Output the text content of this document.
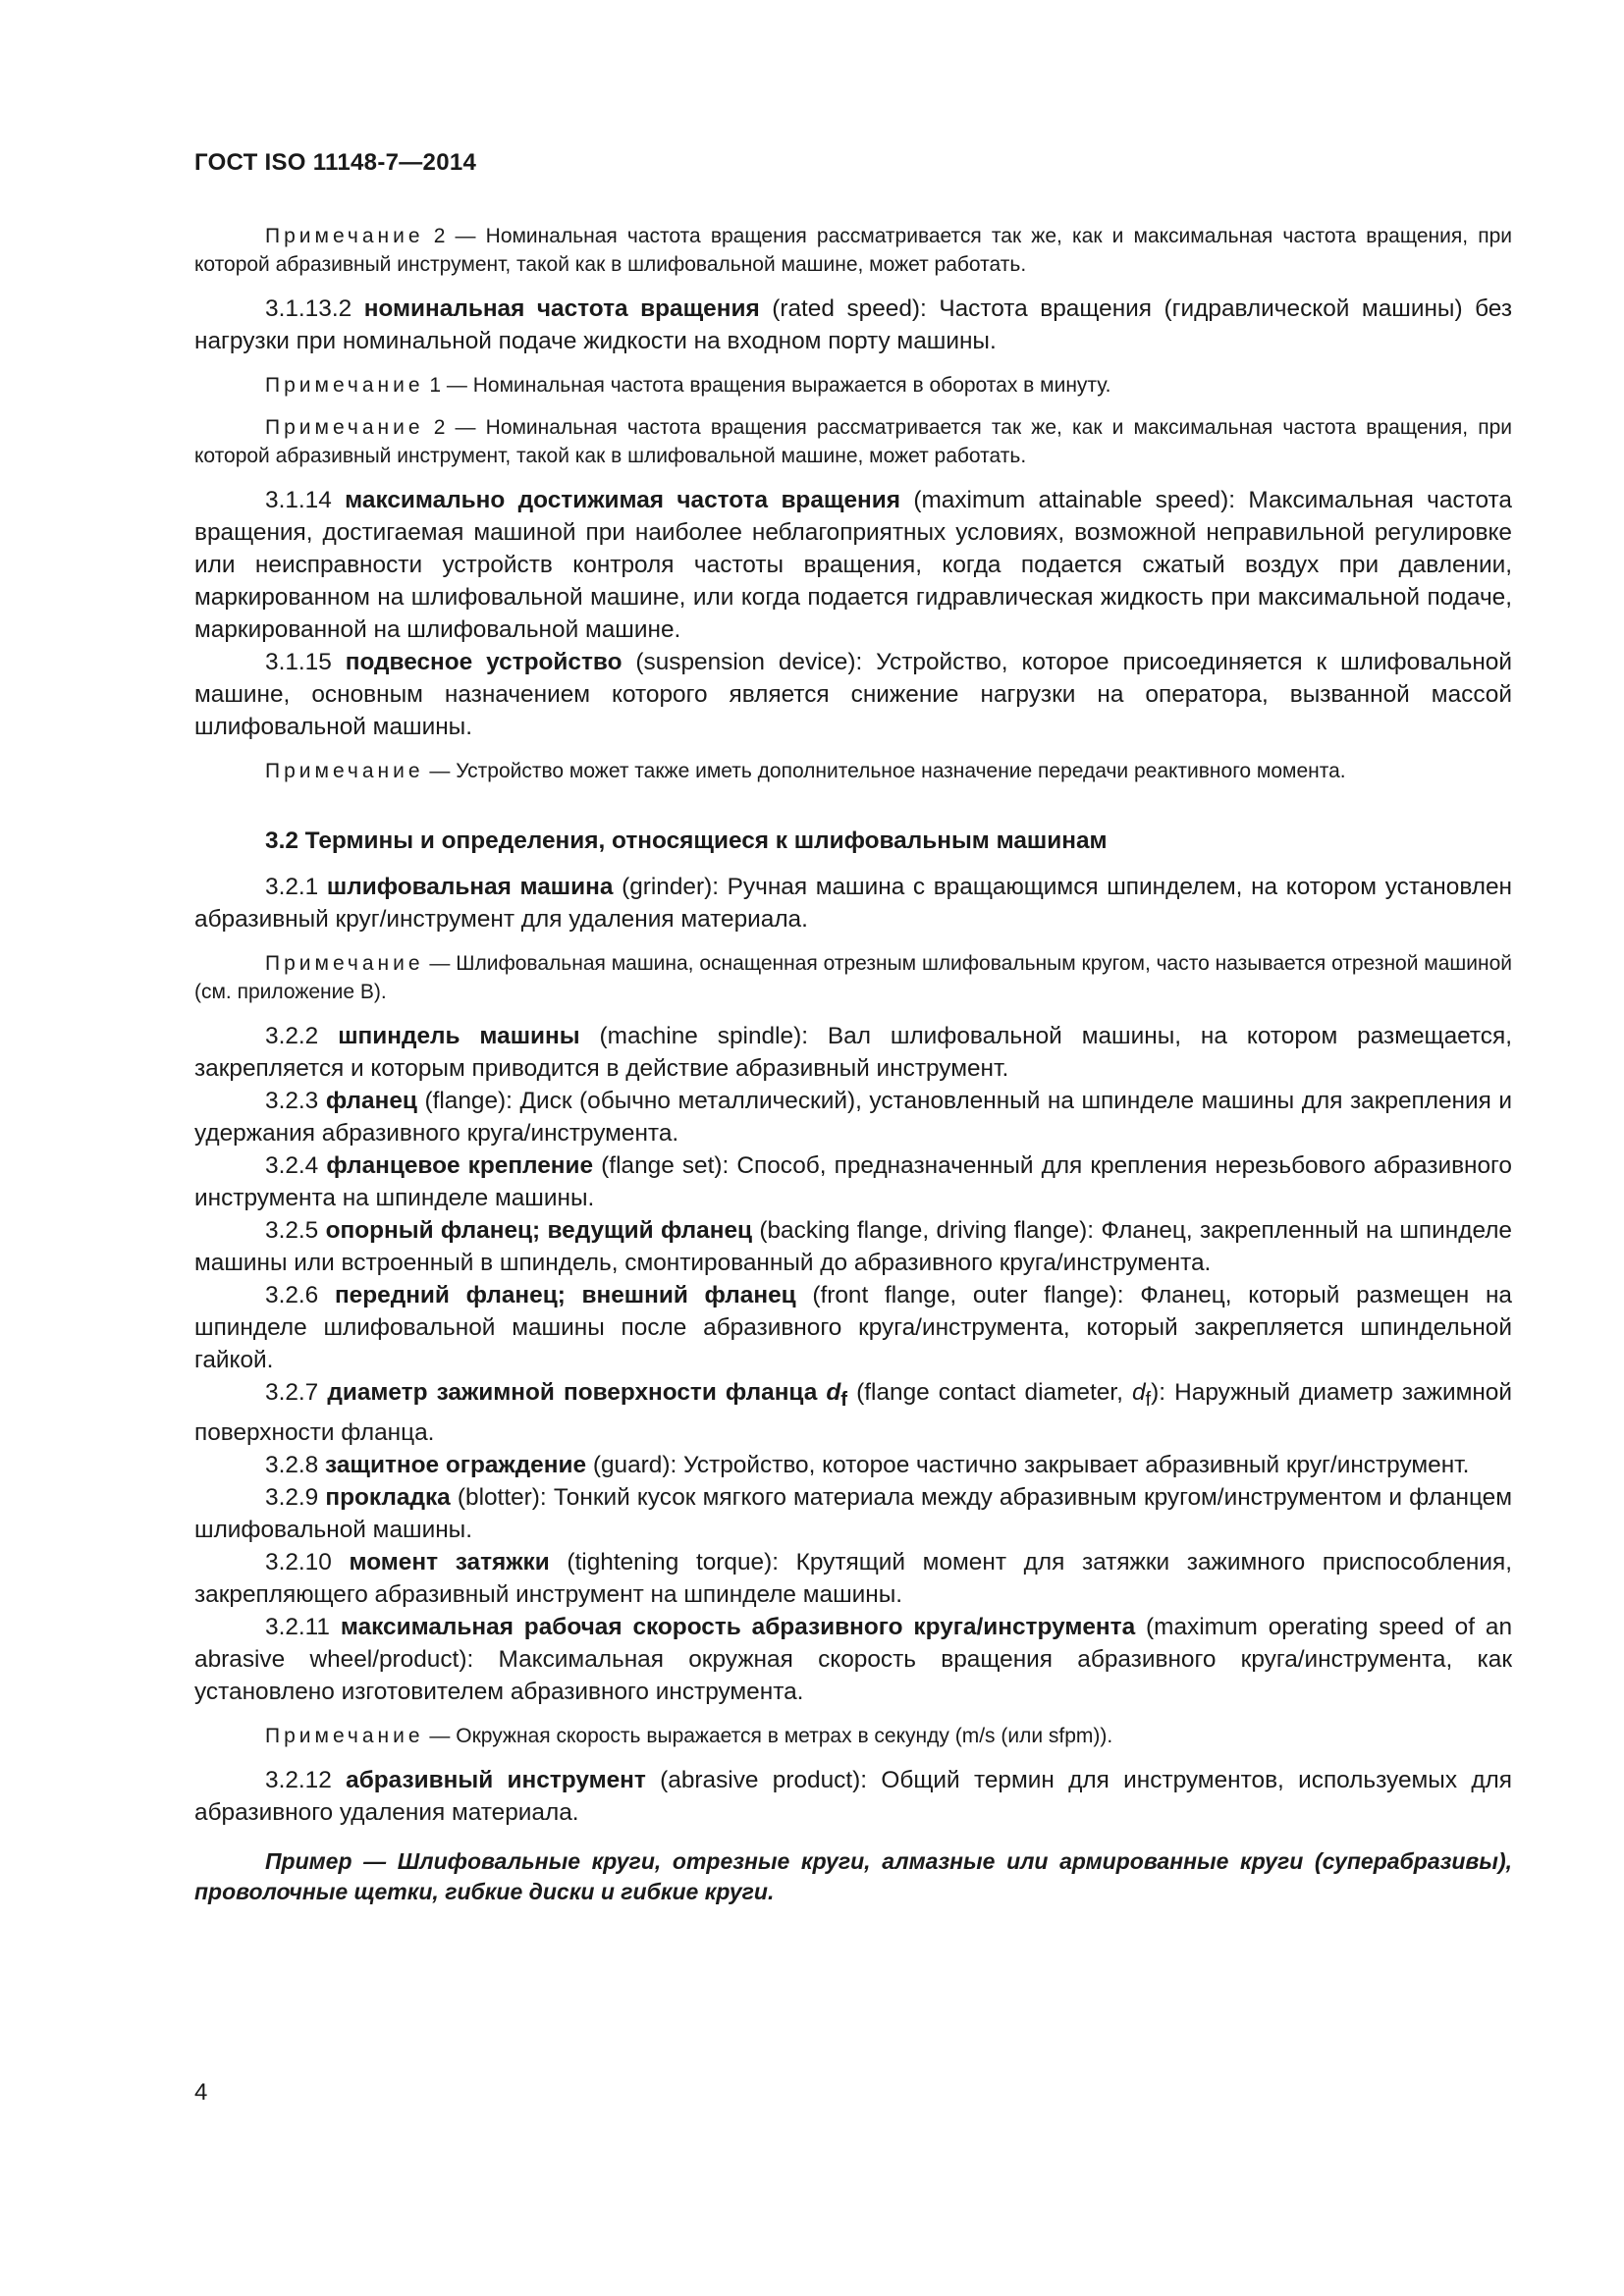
ГОСТ ISO 11148-7—2014

Примечание 2 — Номинальная частота вращения рассматривается так же, как и максимальная частота вращения, при которой абразивный инструмент, такой как в шлифовальной машине, может работать.

3.1.13.2 номинальная частота вращения (rated speed): Частота вращения (гидравлической машины) без нагрузки при номинальной подаче жидкости на входном порту машины.

Примечание 1 — Номинальная частота вращения выражается в оборотах в минуту.

Примечание 2 — Номинальная частота вращения рассматривается так же, как и максимальная частота вращения, при которой абразивный инструмент, такой как в шлифовальной машине, может работать.

3.1.14 максимально достижимая частота вращения (maximum attainable speed): Максимальная частота вращения, достигаемая машиной при наиболее неблагоприятных условиях, возможной неправильной регулировке или неисправности устройств контроля частоты вращения, когда подается сжатый воздух при давлении, маркированном на шлифовальной машине, или когда подается гидравлическая жидкость при максимальной подаче, маркированной на шлифовальной машине.

3.1.15 подвесное устройство (suspension device): Устройство, которое присоединяется к шлифовальной машине, основным назначением которого является снижение нагрузки на оператора, вызванной массой шлифовальной машины.

Примечание — Устройство может также иметь дополнительное назначение передачи реактивного момента.

3.2 Термины и определения, относящиеся к шлифовальным машинам

3.2.1 шлифовальная машина (grinder): Ручная машина с вращающимся шпинделем, на котором установлен абразивный круг/инструмент для удаления материала.

Примечание — Шлифовальная машина, оснащенная отрезным шлифовальным кругом, часто называется отрезной машиной (см. приложение В).

3.2.2 шпиндель машины (machine spindle): Вал шлифовальной машины, на котором размещается, закрепляется и которым приводится в действие абразивный инструмент.

3.2.3 фланец (flange): Диск (обычно металлический), установленный на шпинделе машины для закрепления и удержания абразивного круга/инструмента.

3.2.4 фланцевое крепление (flange set): Способ, предназначенный для крепления нерезьбового абразивного инструмента на шпинделе машины.

3.2.5 опорный фланец; ведущий фланец (backing flange, driving flange): Фланец, закрепленный на шпинделе машины или встроенный в шпиндель, смонтированный до абразивного круга/инструмента.

3.2.6 передний фланец; внешний фланец (front flange, outer flange): Фланец, который размещен на шпинделе шлифовальной машины после абразивного круга/инструмента, который закрепляется шпиндельной гайкой.

3.2.7 диаметр зажимной поверхности фланца $d_f$ (flange contact diameter, $d_f$): Наружный диаметр зажимной поверхности фланца.

3.2.8 защитное ограждение (guard): Устройство, которое частично закрывает абразивный круг/инструмент.

3.2.9 прокладка (blotter): Тонкий кусок мягкого материала между абразивным кругом/инструментом и фланцем шлифовальной машины.

3.2.10 момент затяжки (tightening torque): Крутящий момент для затяжки зажимного приспособления, закрепляющего абразивный инструмент на шпинделе машины.

3.2.11 максимальная рабочая скорость абразивного круга/инструмента (maximum operating speed of an abrasive wheel/product): Максимальная окружная скорость вращения абразивного круга/инструмента, как установлено изготовителем абразивного инструмента.

Примечание — Окружная скорость выражается в метрах в секунду (m/s (или sfpm)).

3.2.12 абразивный инструмент (abrasive product): Общий термин для инструментов, используемых для абразивного удаления материала.

Пример — Шлифовальные круги, отрезные круги, алмазные или армированные круги (суперабразивы), проволочные щетки, гибкие диски и гибкие круги.

4
